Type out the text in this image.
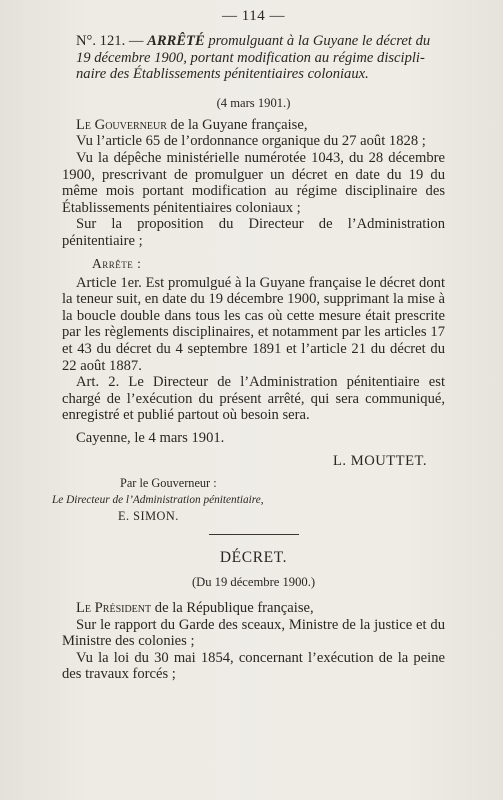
— 114 —

N°. 121. — ARRÊTÉ promulguant à la Guyane le décret du

19 décembre 1900, portant modification au régime discipli-

naire des Établissements pénitentiaires coloniaux.

(4 mars 1901.)

Le Gouverneur de la Guyane française,

Vu l’article 65 de l’ordonnance organique du 27 août 1828 ;

Vu la dépêche ministérielle numérotée 1043, du 28 décembre 1900, prescrivant de promulguer un décret en date du 19 du même mois portant modification au régime disciplinaire des Établissements pénitentiaires coloniaux ;

Sur la proposition du Directeur de l’Administration pénitentiaire ;

Arrête :

Article 1er. Est promulgué à la Guyane française le décret dont la teneur suit, en date du 19 décembre 1900, supprimant la mise à la boucle double dans tous les cas où cette mesure était prescrite par les règlements disciplinaires, et notamment par les articles 17 et 43 du décret du 4 septembre 1891 et l’article 21 du décret du 22 août 1887.

Art. 2. Le Directeur de l’Administration pénitentiaire est chargé de l’exécution du présent arrêté, qui sera communiqué, enregistré et publié partout où besoin sera.

Cayenne, le 4 mars 1901.

L. MOUTTET.

Par le Gouverneur :
Le Directeur de l’Administration pénitentiaire,
E. SIMON.
DÉCRET.
(Du 19 décembre 1900.)

Le Président de la République française,

Sur le rapport du Garde des sceaux, Ministre de la justice et du Ministre des colonies ;

Vu la loi du 30 mai 1854, concernant l’exécution de la peine des travaux forcés ;
